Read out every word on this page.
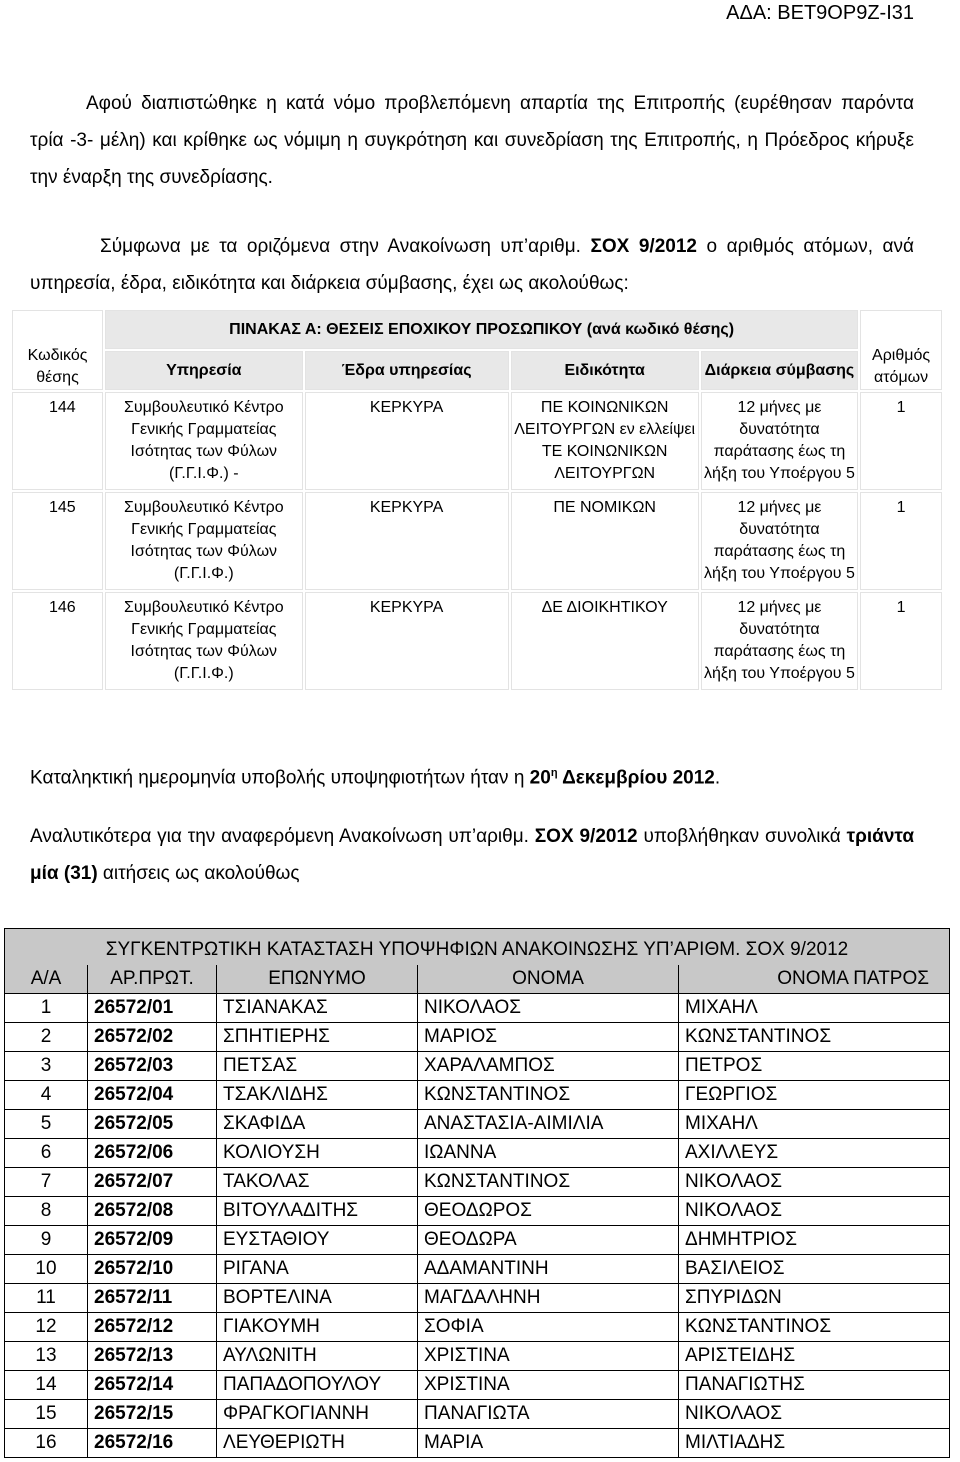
ΑΔΑ: ΒΕΤ9ΟΡ9Ζ-Ι31
Αφού διαπιστώθηκε η κατά νόμο προβλεπόμενη απαρτία της Επιτροπής (ευρέθησαν παρόντα τρία -3- μέλη) και κρίθηκε ως νόμιμη η συγκρότηση και συνεδρίαση της Επιτροπής, η Πρόεδρος κήρυξε την έναρξη της συνεδρίασης.
Σύμφωνα με τα οριζόμενα στην Ανακοίνωση υπ’αριθμ. ΣΟΧ 9/2012 ο αριθμός ατόμων, ανά υπηρεσία, έδρα, ειδικότητα και διάρκεια σύμβασης, έχει ως ακολούθως:
Κωδικός θέσης	ΠΙΝΑΚΑΣ Α: ΘΕΣΕΙΣ ΕΠΟΧΙΚΟΥ ΠΡΟΣΩΠΙΚΟΥ (ανά κωδικό θέσης)				Αριθμός ατόμων
	Υπηρεσία	Έδρα υπηρεσίας	Ειδικότητα	Διάρκεια σύμβασης	
144	Συμβουλευτικό Κέντρο Γενικής Γραμματείας Ισότητας των Φύλων (Γ.Γ.Ι.Φ.) -	ΚΕΡΚΥΡΑ	ΠΕ ΚΟΙΝΩΝΙΚΩΝ ΛΕΙΤΟΥΡΓΩΝ εν ελλείψει ΤΕ ΚΟΙΝΩΝΙΚΩΝ ΛΕΙΤΟΥΡΓΩΝ	12 μήνες με δυνατότητα παράτασης έως τη λήξη του Υποέργου 5	1
145	Συμβουλευτικό Κέντρο Γενικής Γραμματείας Ισότητας των Φύλων (Γ.Γ.Ι.Φ.)	ΚΕΡΚΥΡΑ	ΠΕ ΝΟΜΙΚΩΝ	12 μήνες με δυνατότητα παράτασης έως τη λήξη του Υποέργου 5	1
146	Συμβουλευτικό Κέντρο Γενικής Γραμματείας Ισότητας των Φύλων (Γ.Γ.Ι.Φ.)	ΚΕΡΚΥΡΑ	ΔΕ ΔΙΟΙΚΗΤΙΚΟΥ	12 μήνες με δυνατότητα παράτασης έως τη λήξη του Υποέργου 5	1
Καταληκτική ημερομηνία υποβολής υποψηφιοτήτων ήταν η $20^\eta$ Δεκεμβρίου 2012.
Αναλυτικότερα για την αναφερόμενη Ανακοίνωση υπ’αριθμ. ΣΟΧ 9/2012 υποβλήθηκαν συνολικά τριάντα μία (31) αιτήσεις ως ακολούθως
ΣΥΓΚΕΝΤΡΩΤΙΚΗ ΚΑΤΑΣΤΑΣΗ ΥΠΟΨΗΦΙΩΝ ΑΝΑΚΟΙΝΩΣΗΣ ΥΠ’ΑΡΙΘΜ. ΣΟΧ 9/2012				
Α/Α	ΑΡ.ΠΡΩΤ.	ΕΠΩΝΥΜΟ	ΟΝΟΜΑ	ΟΝΟΜΑ ΠΑΤΡΟΣ
1	26572/01	ΤΣΙΑΝΑΚΑΣ	ΝΙΚΟΛΑΟΣ	ΜΙΧΑΗΛ
2	26572/02	ΣΠΗΤΙΕΡΗΣ	ΜΑΡΙΟΣ	ΚΩΝΣΤΑΝΤΙΝΟΣ
3	26572/03	ΠΕΤΣΑΣ	ΧΑΡΑΛΑΜΠΟΣ	ΠΕΤΡΟΣ
4	26572/04	ΤΣΑΚΛΙΔΗΣ	ΚΩΝΣΤΑΝΤΙΝΟΣ	ΓΕΩΡΓΙΟΣ
5	26572/05	ΣΚΑΦΙΔΑ	ΑΝΑΣΤΑΣΙΑ-ΑΙΜΙΛΙΑ	ΜΙΧΑΗΛ
6	26572/06	ΚΟΛΙΟΥΣΗ	ΙΩΑΝΝΑ	ΑΧΙΛΛΕΥΣ
7	26572/07	ΤΑΚΟΛΑΣ	ΚΩΝΣΤΑΝΤΙΝΟΣ	ΝΙΚΟΛΑΟΣ
8	26572/08	ΒΙΤΟΥΛΑΔΙΤΗΣ	ΘΕΟΔΩΡΟΣ	ΝΙΚΟΛΑΟΣ
9	26572/09	ΕΥΣΤΑΘΙΟΥ	ΘΕΟΔΩΡΑ	ΔΗΜΗΤΡΙΟΣ
10	26572/10	ΡΙΓΑΝΑ	ΑΔΑΜΑΝΤΙΝΗ	ΒΑΣΙΛΕΙΟΣ
11	26572/11	ΒΟΡΤΕΛΙΝΑ	ΜΑΓΔΑΛΗΝΗ	ΣΠΥΡΙΔΩΝ
12	26572/12	ΓΙΑΚΟΥΜΗ	ΣΟΦΙΑ	ΚΩΝΣΤΑΝΤΙΝΟΣ
13	26572/13	ΑΥΛΩΝΙΤΗ	ΧΡΙΣΤΙΝΑ	ΑΡΙΣΤΕΙΔΗΣ
14	26572/14	ΠΑΠΑΔΟΠΟΥΛΟΥ	ΧΡΙΣΤΙΝΑ	ΠΑΝΑΓΙΩΤΗΣ
15	26572/15	ΦΡΑΓΚΟΓΙΑΝΝΗ	ΠΑΝΑΓΙΩΤΑ	ΝΙΚΟΛΑΟΣ
16	26572/16	ΛΕΥΘΕΡΙΩΤΗ	ΜΑΡΙΑ	ΜΙΛΤΙΑΔΗΣ
